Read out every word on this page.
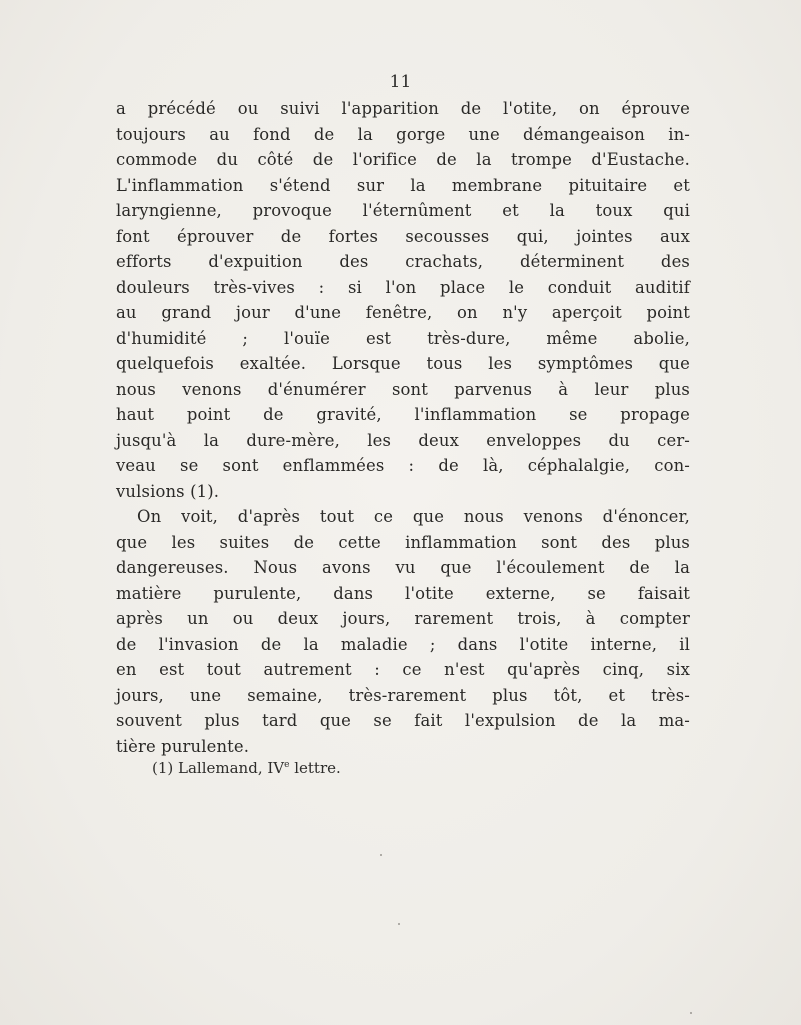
11
a précédé ou suivi l'apparition de l'otite, on éprouve
toujours au fond de la gorge une démangeaison in-
commode du côté de l'orifice de la trompe d'Eustache.
L'inflammation s'étend sur la membrane pituitaire et
laryngienne, provoque l'éternûment et la toux qui
font éprouver de fortes secousses qui, jointes aux
efforts d'expuition des crachats, déterminent des
douleurs très-vives : si l'on place le conduit auditif
au grand jour d'une fenêtre, on n'y aperçoit point
d'humidité ; l'ouïe est très-dure, même abolie,
quelquefois exaltée. Lorsque tous les symptômes que
nous venons d'énumérer sont parvenus à leur plus
haut point de gravité, l'inflammation se propage
jusqu'à la dure-mère, les deux enveloppes du cer-
veau se sont enflammées : de là, céphalalgie, con-
vulsions (1).
On voit, d'après tout ce que nous venons d'énoncer,
que les suites de cette inflammation sont des plus
dangereuses. Nous avons vu que l'écoulement de la
matière purulente, dans l'otite externe, se faisait
après un ou deux jours, rarement trois, à compter
de l'invasion de la maladie ; dans l'otite interne, il
en est tout autrement : ce n'est qu'après cinq, six
jours, une semaine, très-rarement plus tôt, et très-
souvent plus tard que se fait l'expulsion de la ma-
tière purulente.
(1) Lallemand, IVe lettre.
